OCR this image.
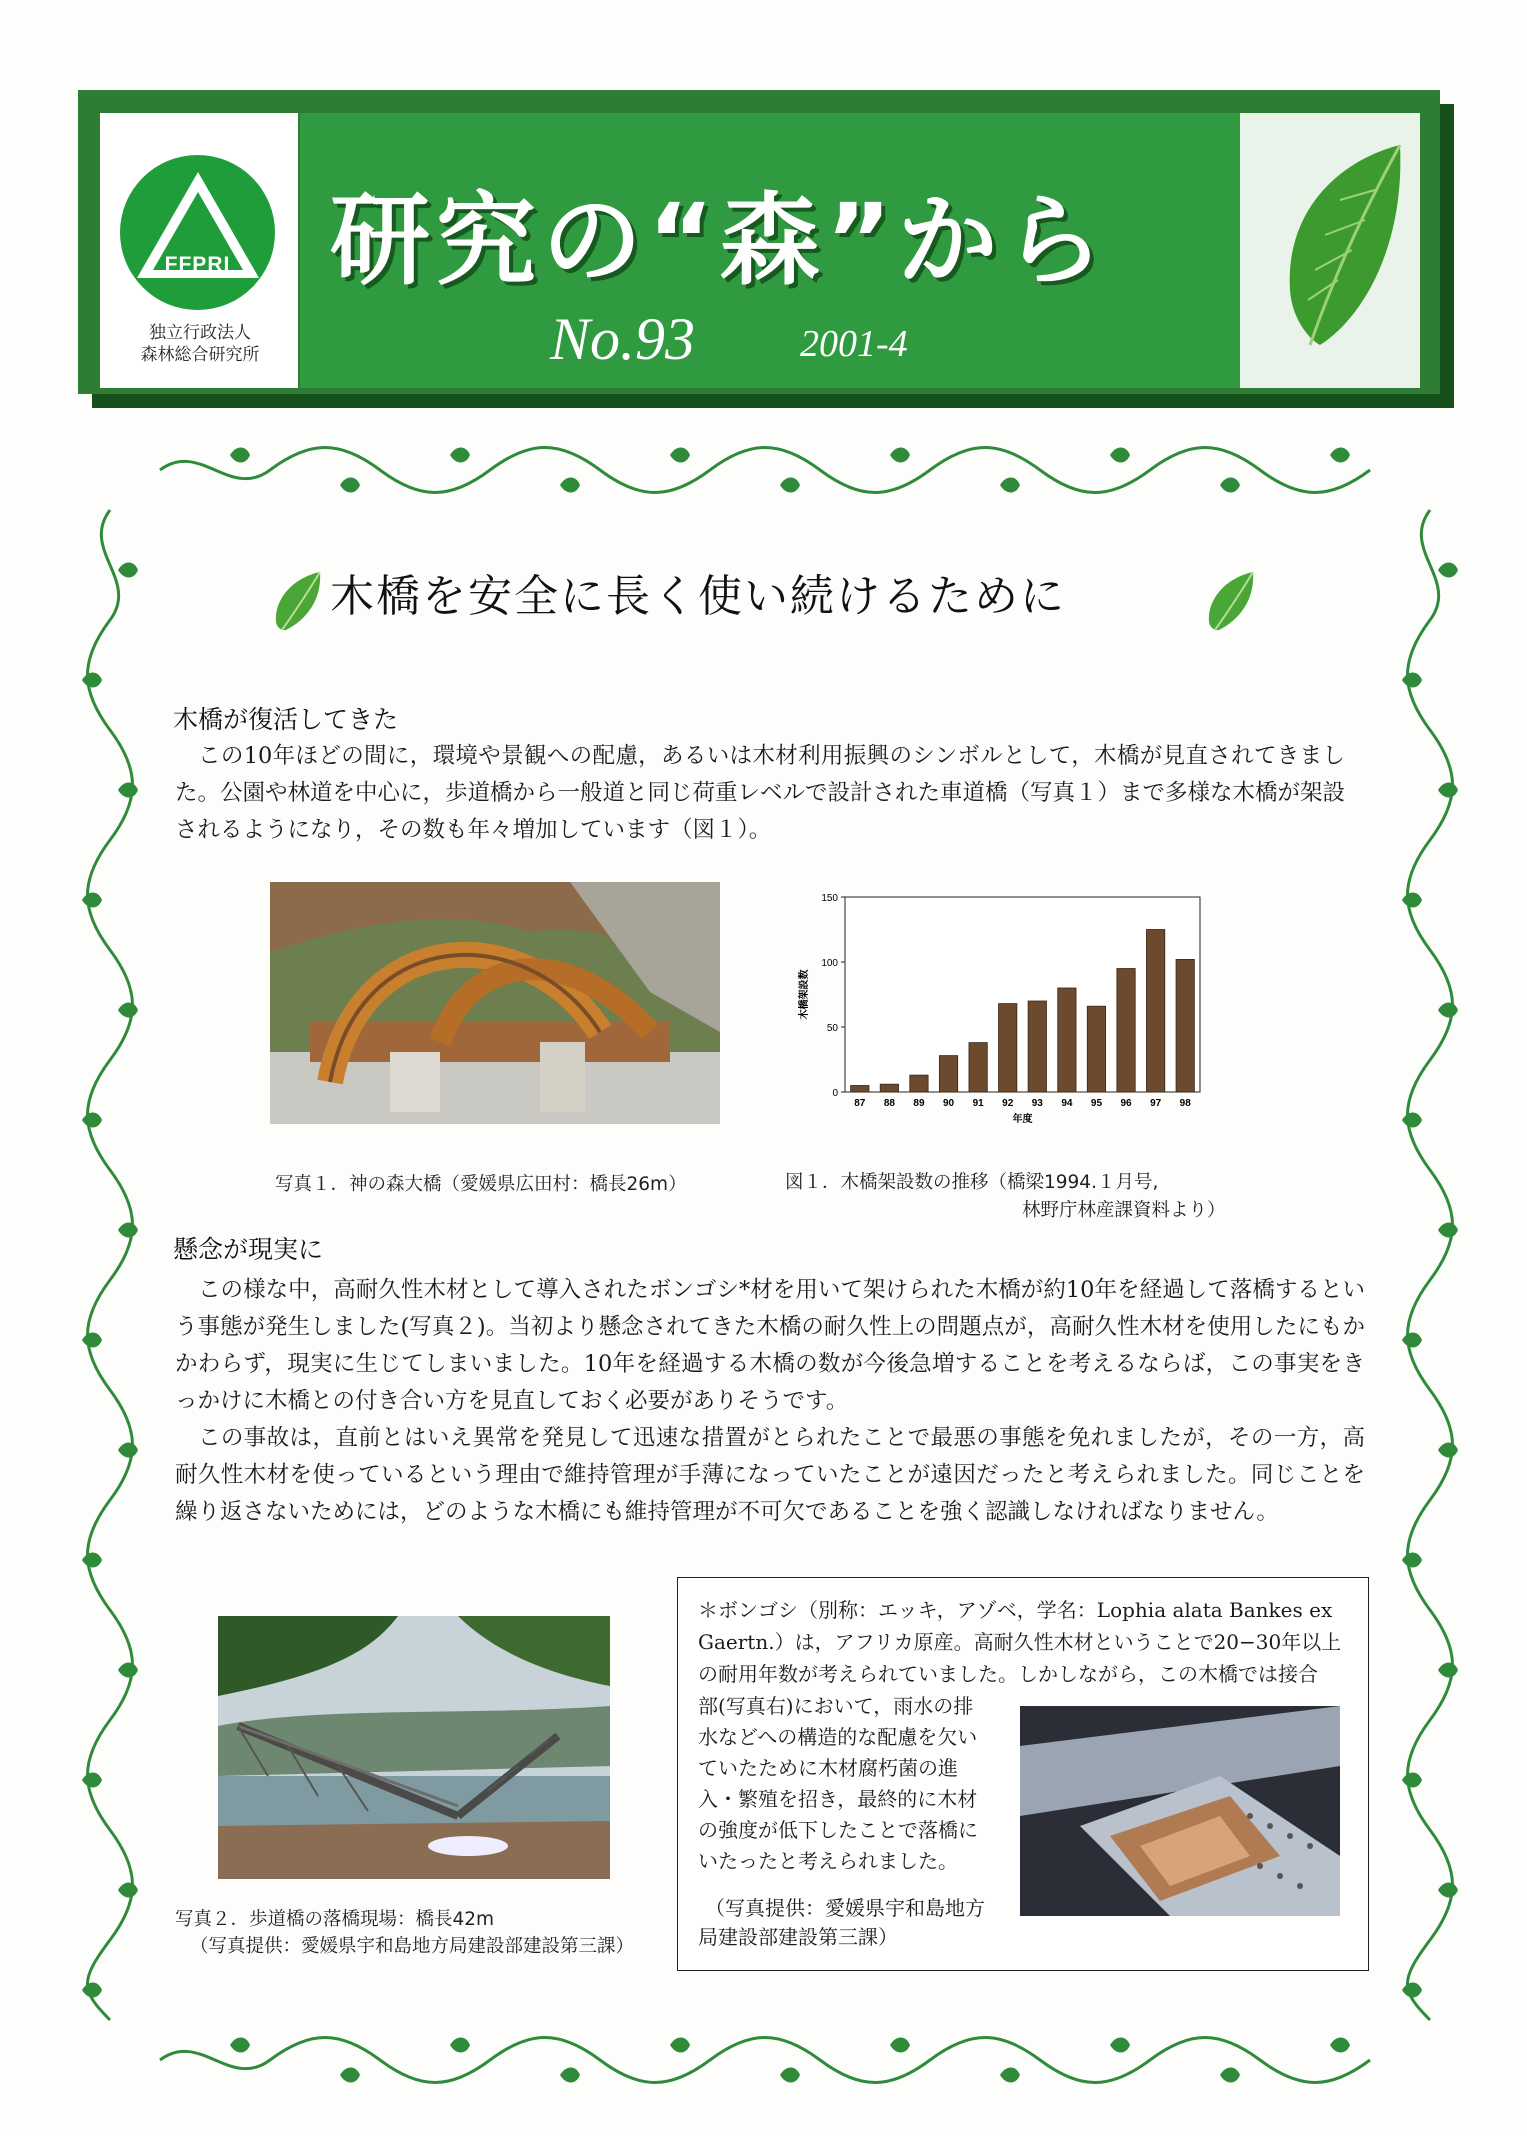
FFPRI
独立行政法人
森林総合研究所
研究の“森”から
No.93	2001-4
木橋を安全に長く使い続けるために
木橋が復活してきた
この10年ほどの間に，環境や景観への配慮，あるいは木材利用振興のシンボルとして，木橋が見直されてきました。公園や林道を中心に，歩道橋から一般道と同じ荷重レベルで設計された車道橋（写真１）まで多様な木橋が架設されるようになり，その数も年々増加しています（図１）。
写真１．神の森大橋（愛媛県広田村：橋長26m）
0
50
100
150
87 88 89 90 91 92 93 94 95 96 97 98
年度
木橋架設数
図１．木橋架設数の推移（橋梁1994.１月号,
林野庁林産課資料より）
懸念が現実に
この様な中，高耐久性木材として導入されたボンゴシ*材を用いて架けられた木橋が約10年を経過して落橋するという事態が発生しました(写真２)。当初より懸念されてきた木橋の耐久性上の問題点が，高耐久性木材を使用したにもかかわらず，現実に生じてしまいました。10年を経過する木橋の数が今後急増することを考えるならば，この事実をきっかけに木橋との付き合い方を見直しておく必要がありそうです。
この事故は，直前とはいえ異常を発見して迅速な措置がとられたことで最悪の事態を免れましたが，その一方，高耐久性木材を使っているという理由で維持管理が手薄になっていたことが遠因だったと考えられました。同じことを繰り返さないためには，どのような木橋にも維持管理が不可欠であることを強く認識しなければなりません。
写真２．歩道橋の落橋現場：橋長42m
（写真提供：愛媛県宇和島地方局建設部建設第三課）
＊ボンゴシ（別称：エッキ，アゾベ，学名：Lophia alata Bankes ex
Gaertn.）は，アフリカ原産。高耐久性木材ということで20−30年以上
の耐用年数が考えられていました。しかしながら，この木橋では接合
部(写真右)において，雨水の排
水などへの構造的な配慮を欠い
ていたために木材腐朽菌の進
入・繁殖を招き，最終的に木材
の強度が低下したことで落橋に
いたったと考えられました。
（写真提供：愛媛県宇和島地方
局建設部建設第三課）
